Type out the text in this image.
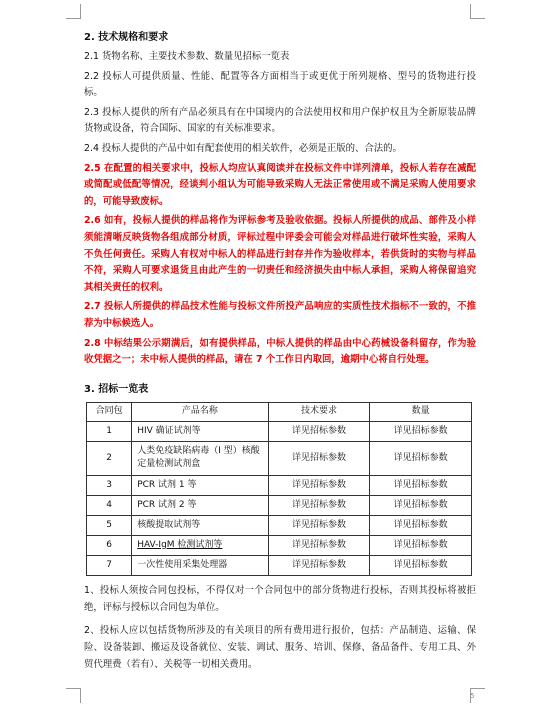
2. 技术规格和要求
2.1 货物名称、主要技术参数、数量见招标一览表
2.2 投标人可提供质量、性能、配置等各方面相当于或更优于所列规格、型号的货物进行投标。
2.3 投标人提供的所有产品必须具有在中国境内的合法使用权和用户保护权且为全新原装品牌货物或设备，符合国际、国家的有关标准要求。
2.4 投标人提供的产品中如有配套使用的相关软件，必须是正版的、合法的。
2.5 在配置的相关要求中，投标人均应认真阅读并在投标文件中详列清单，投标人若存在减配或简配或低配等情况，经谈判小组认为可能导致采购人无法正常使用或不满足采购人使用要求的，可能导致废标。
2.6 如有，投标人提供的样品将作为评标参考及验收依据。投标人所提供的成品、部件及小样须能清晰反映货物各组成部分材质，评标过程中评委会可能会对样品进行破坏性实验，采购人不负任何责任。采购人有权对中标人的样品进行封存并作为验收样本，若供货时的实物与样品不符，采购人可要求退货且由此产生的一切责任和经济损失由中标人承担，采购人将保留追究其相关责任的权利。
2.7 投标人所提供的样品技术性能与投标文件所投产品响应的实质性技术指标不一致的，不推荐为中标候选人。
2.8 中标结果公示期满后，如有提供样品，中标人提供的样品由中心药械设备科留存，作为验收凭据之一；未中标人提供的样品，请在 7 个工作日内取回，逾期中心将自行处理。
3. 招标一览表
合同包	产品名称	技术要求	数量
1	HIV 确证试剂等	详见招标参数	详见招标参数
2	人类免疫缺陷病毒（I 型）核酸定量检测试剂盒	详见招标参数	详见招标参数
3	PCR 试剂 1 等	详见招标参数	详见招标参数
4	PCR 试剂 2 等	详见招标参数	详见招标参数
5	核酸提取试剂等	详见招标参数	详见招标参数
6	HAV-IgM 检测试剂等	详见招标参数	详见招标参数
7	一次性使用采集处理器	详见招标参数	详见招标参数
1、投标人须按合同包投标，不得仅对一个合同包中的部分货物进行投标，否则其投标将被拒绝，评标与授标以合同包为单位。
2、投标人应以包括货物所涉及的有关项目的所有费用进行报价，包括：产品制造、运输、保险、设备装卸、搬运及设备就位、安装、调试、服务、培训、保修、备品备件、专用工具、外贸代理费（若有）、关税等一切相关费用。
5
